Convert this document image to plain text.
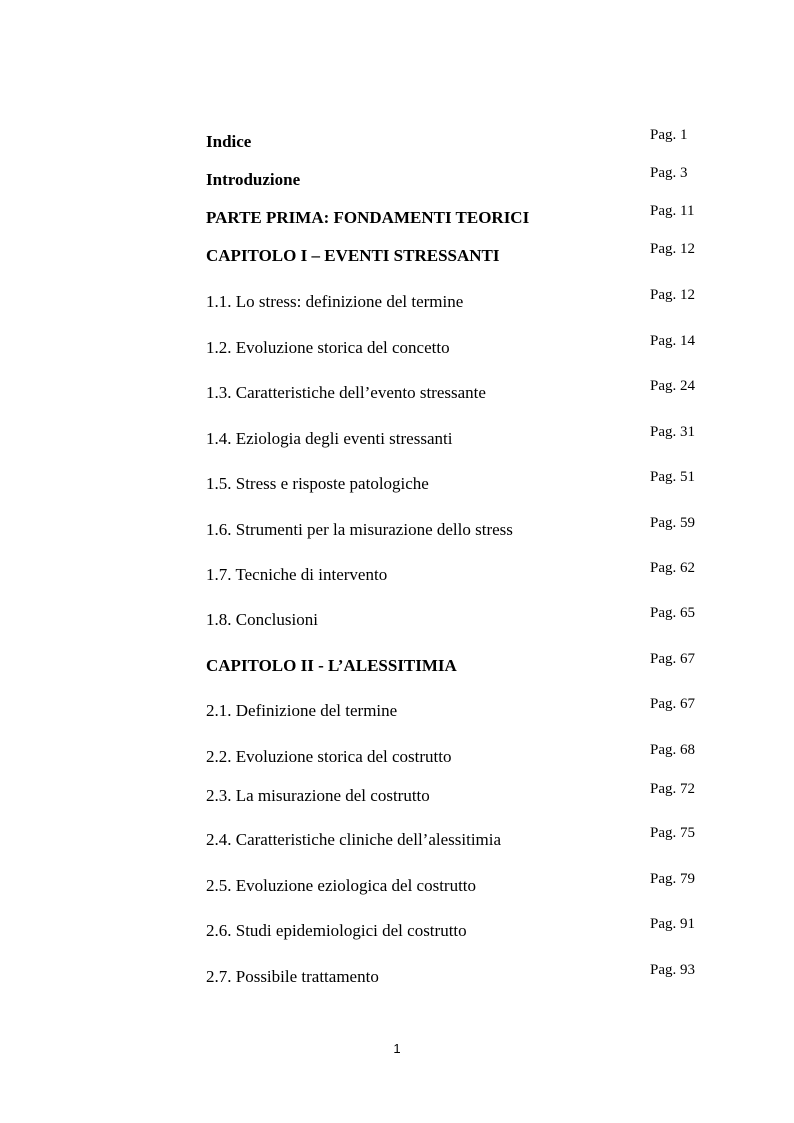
Indice	Pag. 1
Introduzione	Pag. 3
PARTE PRIMA: FONDAMENTI TEORICI	Pag. 11
CAPITOLO I – EVENTI STRESSANTI	Pag. 12
1.1. Lo stress: definizione del termine	Pag. 12
1.2. Evoluzione storica del concetto	Pag. 14
1.3. Caratteristiche dell’evento stressante	Pag. 24
1.4. Eziologia degli eventi stressanti	Pag. 31
1.5. Stress e risposte patologiche	Pag. 51
1.6. Strumenti per la misurazione dello stress	Pag. 59
1.7. Tecniche di intervento	Pag. 62
1.8. Conclusioni	Pag. 65
CAPITOLO II - L’ALESSITIMIA	Pag. 67
2.1. Definizione del termine	Pag. 67
2.2. Evoluzione storica del costrutto	Pag. 68
2.3. La misurazione del costrutto	Pag. 72
2.4. Caratteristiche cliniche dell’alessitimia	Pag. 75
2.5. Evoluzione eziologica del costrutto	Pag. 79
2.6. Studi epidemiologici del costrutto	Pag. 91
2.7. Possibile trattamento	Pag. 93
1
